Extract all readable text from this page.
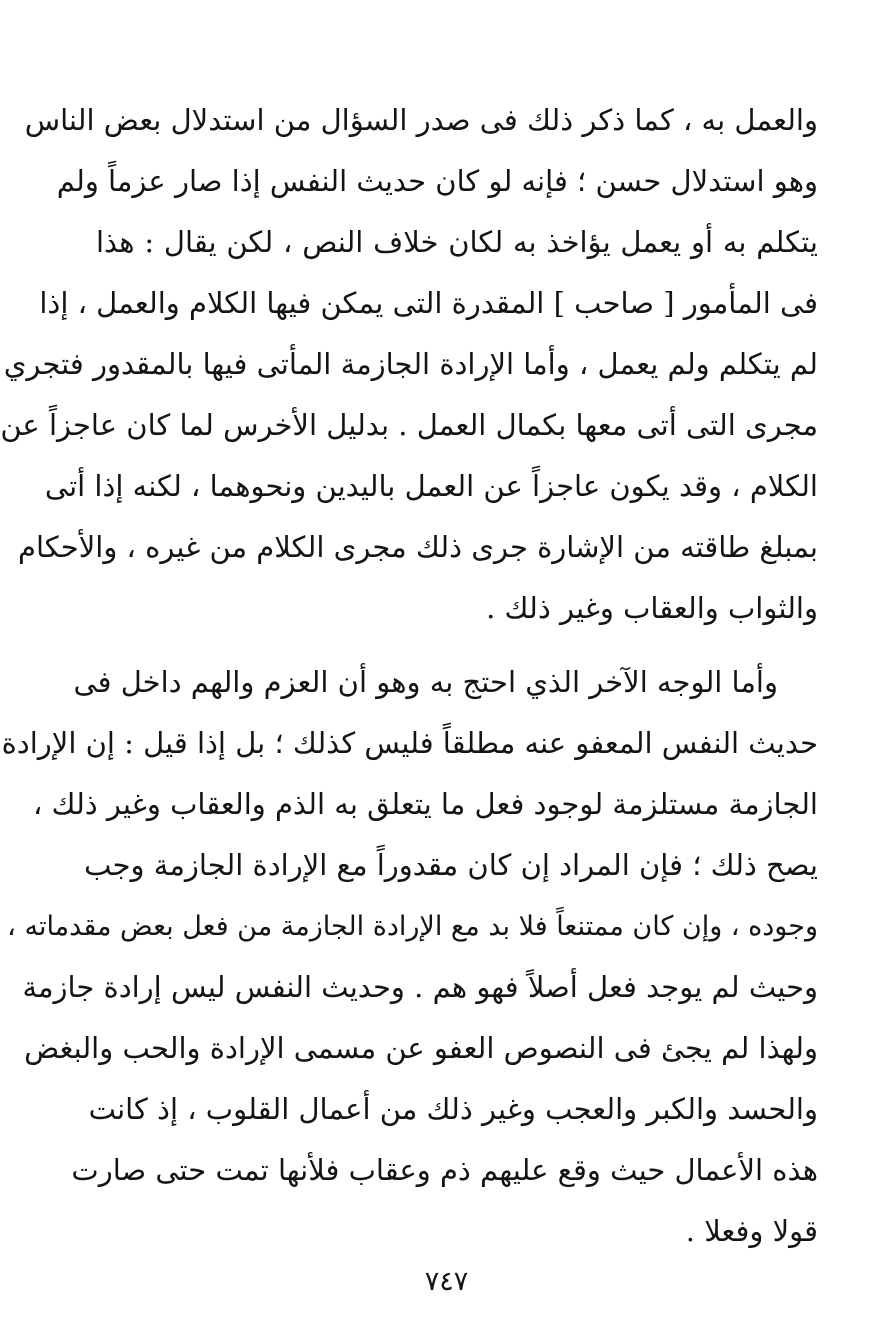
والعمل به ، كما ذكر ذلك فى صدر السؤال من استدلال بعض الناس
وهو استدلال حسن ؛ فإنه لو كان حديث النفس إذا صار عزماً ولم
يتكلم به أو يعمل يؤاخذ به لكان خلاف النص ، لكن يقال : هذا
فى المأمور [ صاحب ] المقدرة التى يمكن فيها الكلام والعمل ، إذا
لم يتكلم ولم يعمل ، وأما الإرادة الجازمة المأتى فيها بالمقدور فتجري
مجرى التى أتى معها بكمال العمل . بدليل الأخرس لما كان عاجزاً عن
الكلام ، وقد يكون عاجزاً عن العمل باليدين ونحوهما ، لكنه إذا أتى
بمبلغ طاقته من الإشارة جرى ذلك مجرى الكلام من غيره ، والأحكام
والثواب والعقاب وغير ذلك .
وأما الوجه الآخر الذي احتج به وهو أن العزم والهم داخل فى
حديث النفس المعفو عنه مطلقاً فليس كذلك ؛ بل إذا قيل : إن الإرادة
الجازمة مستلزمة لوجود فعل ما يتعلق به الذم والعقاب وغير ذلك ،
يصح ذلك ؛ فإن المراد إن كان مقدوراً مع الإرادة الجازمة وجب
وجوده ، وإن كان ممتنعاً فلا بد مع الإرادة الجازمة من فعل بعض مقدماته ،
وحيث لم يوجد فعل أصلاً فهو هم . وحديث النفس ليس إرادة جازمة
ولهذا لم يجئ فى النصوص العفو عن مسمى الإرادة والحب والبغض
والحسد والكبر والعجب وغير ذلك من أعمال القلوب ، إذ كانت
هذه الأعمال حيث وقع عليهم ذم وعقاب فلأنها تمت حتى صارت
قولا وفعلا .
٧٤٧
